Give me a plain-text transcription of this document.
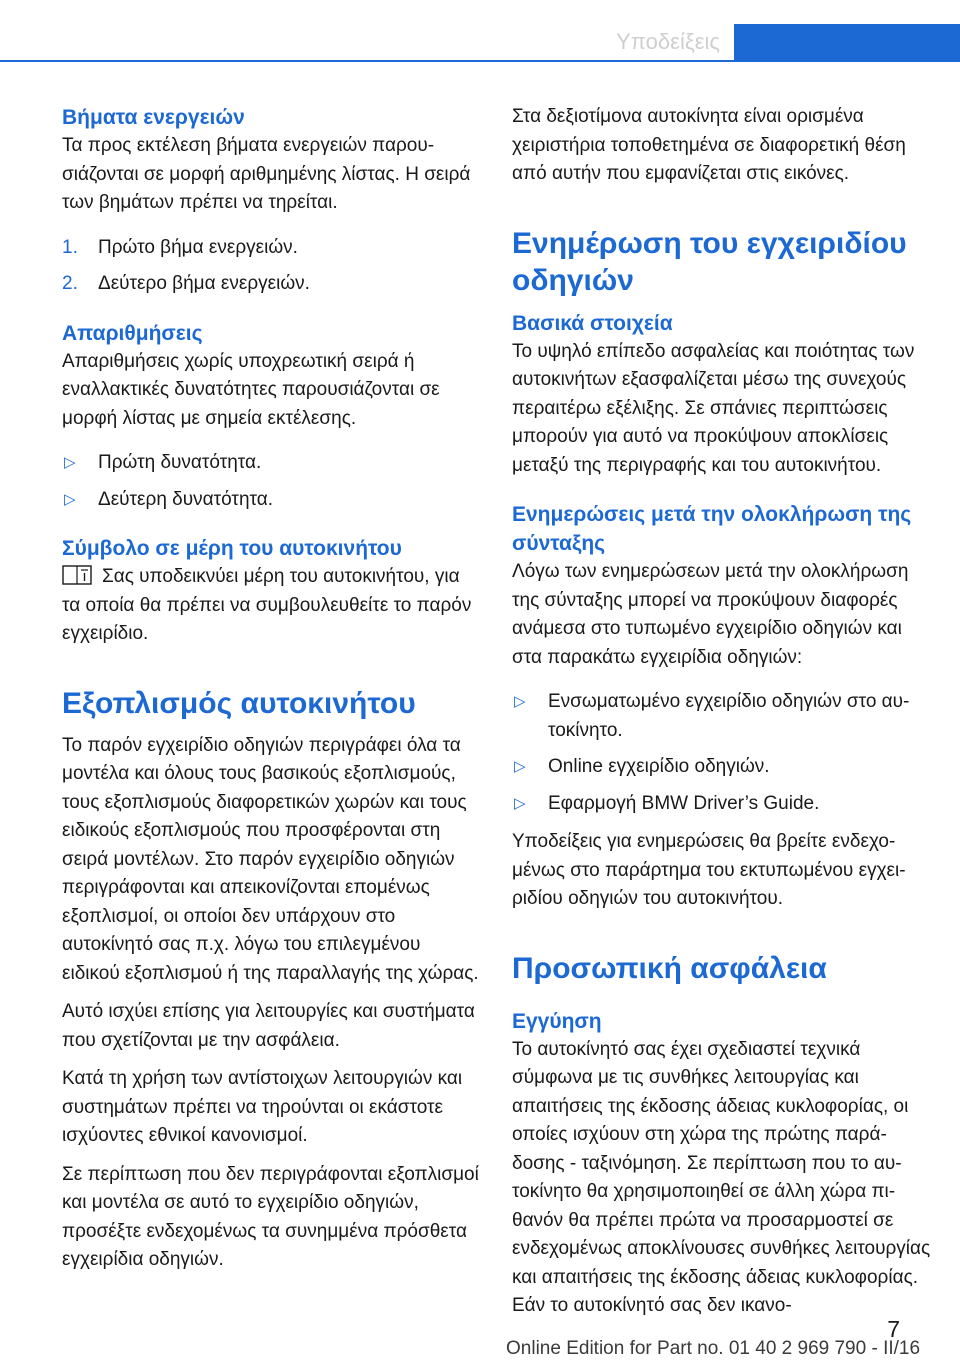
Υποδείξεις
Βήματα ενεργειών

Τα προς εκτέλεση βήματα ενεργειών παρουσιάζονται σε μορφή αριθμημένης λίστας. Η σειρά των βημάτων πρέπει να τηρείται.

1. Πρώτο βήμα ενεργειών.
2. Δεύτερο βήμα ενεργειών.
Απαριθμήσεις

Απαριθμήσεις χωρίς υποχρεωτική σειρά ή εναλλακτικές δυνατότητες παρουσιάζονται σε μορφή λίστας με σημεία εκτέλεσης.

▷ Πρώτη δυνατότητα.
▷ Δεύτερη δυνατότητα.
Σύμβολο σε μέρη του αυτοκινήτου

Σας υποδεικνύει μέρη του αυτοκινήτου, για τα οποία θα πρέπει να συμβουλευθείτε το παρόν εγχειρίδιο.

Εξοπλισμός αυτοκινήτου

Το παρόν εγχειρίδιο οδηγιών περιγράφει όλα τα μοντέλα και όλους τους βασικούς εξοπλισμούς, τους εξοπλισμούς διαφορετικών χωρών και τους ειδικούς εξοπλισμούς που προσφέρονται στη σειρά μοντέλων. Στο παρόν εγχειρίδιο οδηγιών περιγράφονται και απεικονίζονται επομένως εξοπλισμοί, οι οποίοι δεν υπάρχουν στο αυτοκίνητό σας π.χ. λόγω του επιλεγμένου ειδικού εξοπλισμού ή της παραλλαγής της χώρας.

Αυτό ισχύει επίσης για λειτουργίες και συστήματα που σχετίζονται με την ασφάλεια.

Κατά τη χρήση των αντίστοιχων λειτουργιών και συστημάτων πρέπει να τηρούνται οι εκάστοτε ισχύοντες εθνικοί κανονισμοί.

Σε περίπτωση που δεν περιγράφονται εξοπλισμοί και μοντέλα σε αυτό το εγχειρίδιο οδηγιών, προσέξτε ενδεχομένως τα συνημμένα πρόσθετα εγχειρίδια οδηγιών.

Στα δεξιοτίμονα αυτοκίνητα είναι ορισμένα χειριστήρια τοποθετημένα σε διαφορετική θέση από αυτήν που εμφανίζεται στις εικόνες.

Ενημέρωση του εγχειριδίου οδηγιών
Βασικά στοιχεία

Το υψηλό επίπεδο ασφαλείας και ποιότητας των αυτοκινήτων εξασφαλίζεται μέσω της συνεχούς περαιτέρω εξέλιξης. Σε σπάνιες περιπτώσεις μπορούν για αυτό να προκύψουν αποκλίσεις μεταξύ της περιγραφής και του αυτοκινήτου.

Ενημερώσεις μετά την ολοκλήρωση της σύνταξης

Λόγω των ενημερώσεων μετά την ολοκλήρωση της σύνταξης μπορεί να προκύψουν διαφορές ανάμεσα στο τυπωμένο εγχειρίδιο οδηγιών και στα παρακάτω εγχειρίδια οδηγιών:

▷ Ενσωματωμένο εγχειρίδιο οδηγιών στο αυτοκίνητο.
▷ Online εγχειρίδιο οδηγιών.
▷ Εφαρμογή BMW Driver’s Guide.

Υποδείξεις για ενημερώσεις θα βρείτε ενδεχομένως στο παράρτημα του εκτυπωμένου εγχειριδίου οδηγιών του αυτοκινήτου.

Προσωπική ασφάλεια
Εγγύηση

Το αυτοκίνητό σας έχει σχεδιαστεί τεχνικά σύμφωνα με τις συνθήκες λειτουργίας και απαιτήσεις της έκδοσης άδειας κυκλοφορίας, οι οποίες ισχύουν στη χώρα της πρώτης παράδοσης - ταξινόμηση. Σε περίπτωση που το αυτοκίνητο θα χρησιμοποιηθεί σε άλλη χώρα πιθανόν θα πρέπει πρώτα να προσαρμοστεί σε ενδεχομένως αποκλίνουσες συνθήκες λειτουργίας και απαιτήσεις της έκδοσης άδειας κυκλοφορίας. Εάν το αυτοκίνητό σας δεν ικανο-

7
Online Edition for Part no. 01 40 2 969 790 - II/16
